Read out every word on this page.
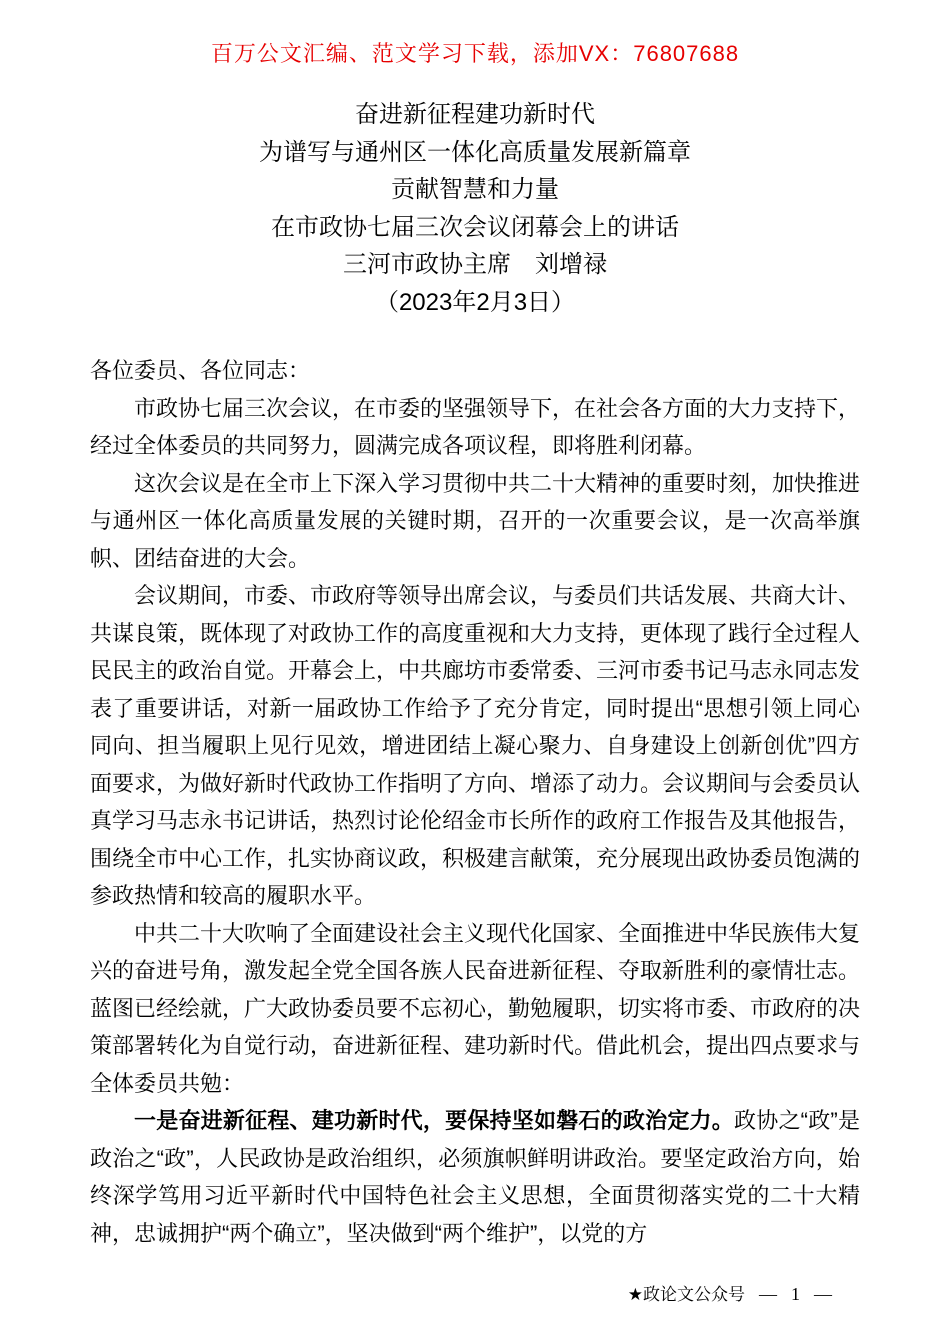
百万公文汇编、范文学习下载，添加VX：76807688
奋进新征程建功新时代
为谱写与通州区一体化高质量发展新篇章
贡献智慧和力量
在市政协七届三次会议闭幕会上的讲话
三河市政协主席　刘增禄
（2023年2月3日）

各位委员、各位同志：

市政协七届三次会议，在市委的坚强领导下，在社会各方面的大力支持下，经过全体委员的共同努力，圆满完成各项议程，即将胜利闭幕。

这次会议是在全市上下深入学习贯彻中共二十大精神的重要时刻，加快推进与通州区一体化高质量发展的关键时期，召开的一次重要会议，是一次高举旗帜、团结奋进的大会。

会议期间，市委、市政府等领导出席会议，与委员们共话发展、共商大计、共谋良策，既体现了对政协工作的高度重视和大力支持，更体现了践行全过程人民民主的政治自觉。开幕会上，中共廊坊市委常委、三河市委书记马志永同志发表了重要讲话，对新一届政协工作给予了充分肯定，同时提出“思想引领上同心同向、担当履职上见行见效，增进团结上凝心聚力、自身建设上创新创优”四方面要求，为做好新时代政协工作指明了方向、增添了动力。会议期间与会委员认真学习马志永书记讲话，热烈讨论伦绍金市长所作的政府工作报告及其他报告，围绕全市中心工作，扎实协商议政，积极建言献策，充分展现出政协委员饱满的参政热情和较高的履职水平。

中共二十大吹响了全面建设社会主义现代化国家、全面推进中华民族伟大复兴的奋进号角，激发起全党全国各族人民奋进新征程、夺取新胜利的豪情壮志。蓝图已经绘就，广大政协委员要不忘初心，勤勉履职，切实将市委、市政府的决策部署转化为自觉行动，奋进新征程、建功新时代。借此机会，提出四点要求与全体委员共勉：

一是奋进新征程、建功新时代，要保持坚如磐石的政治定力。政协之“政”是政治之“政”，人民政协是政治组织，必须旗帜鲜明讲政治。要坚定政治方向，始终深学笃用习近平新时代中国特色社会主义思想，全面贯彻落实党的二十大精神，忠诚拥护“两个确立”，坚决做到“两个维护”，以党的方

★政论文公众号 — 1 —
